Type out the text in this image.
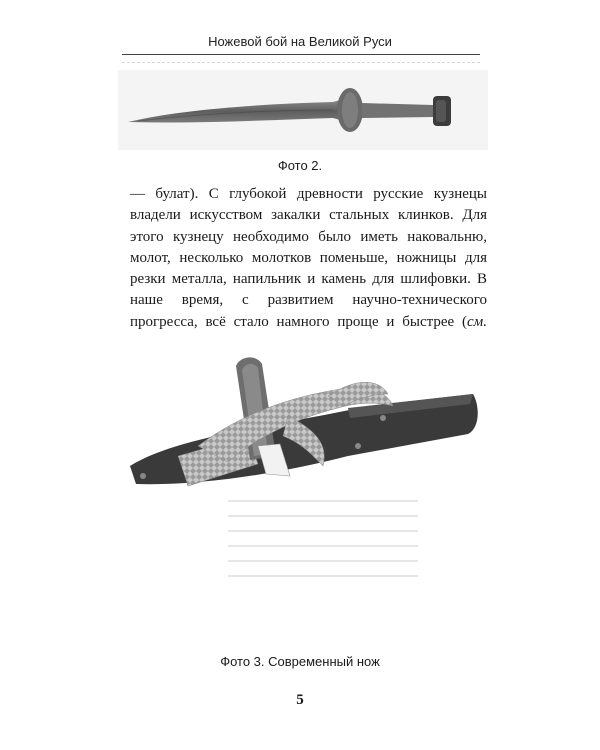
Ножевой бой на Великой Руси
Фото 2.

— булат). С глубокой древности русские кузнецы владели искусством закалки стальных клинков. Для этого кузнецу необходимо было иметь наковальню, молот, несколько молотков поменьше, ножницы для резки металла, напильник и камень для шлифовки. В наше время, с развитием научно-технического прогресса, всё стало намного проще и быстрее (см.

Фото 3. Современный нож
5
